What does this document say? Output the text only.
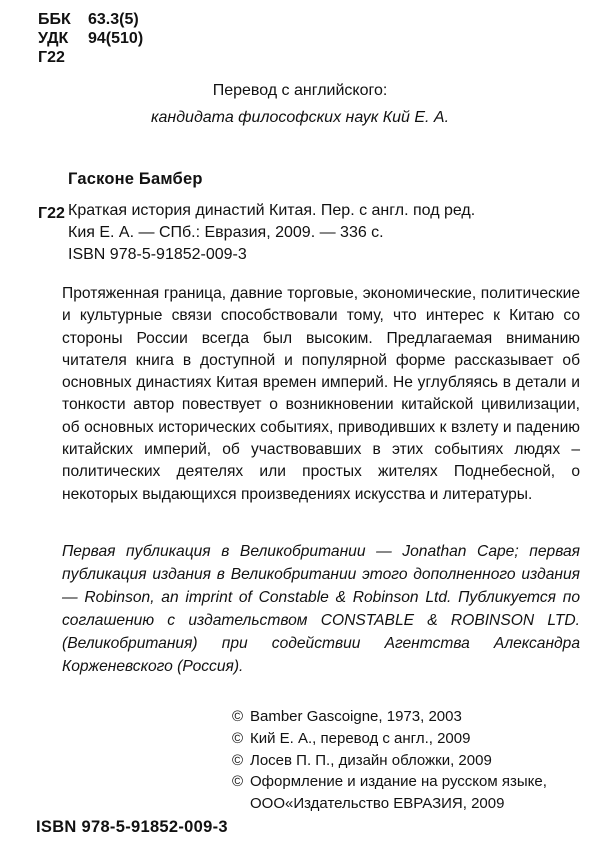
ББК	63.3(5)
УДК	94(510)
Г22
Перевод с английского:
кандидата философских наук Кий Е. А.
Гасконе Бамбер
Г22 Краткая история династий Китая. Пер. с англ. под ред.
Кия Е. А. — СПб.: Евразия, 2009. — 336 с.
ISBN 978-5-91852-009-3

Протяженная граница, давние торговые, экономические, политические и культурные связи способствовали тому, что интерес к Китаю со стороны России всегда был высоким. Предлагаемая вниманию читателя книга в доступной и популярной форме рассказывает об основных династиях Китая времен империй. Не углубляясь в детали и тонкости автор повествует о возникновении китайской цивилизации, об основных исторических событиях, приводивших к взлету и падению китайских империй, об участвовавших в этих событиях людях – политических деятелях или простых жителях Поднебесной, о некоторых выдающихся произведениях искусства и литературы.

Первая публикация в Великобритании — Jonathan Cape; первая публикация издания в Великобритании этого дополненного издания — Robinson, an imprint of Constable & Robinson Ltd. Публикуется по соглашению с издательством CONSTABLE & ROBINSON LTD. (Великобритания) при содействии Агентства Александра Корженевского (Россия).

© Bamber Gascoigne, 1973, 2003
© Кий Е. А., перевод с англ., 2009
© Лосев П. П., дизайн обложки, 2009
© Оформление и издание на русском языке,
ООО«Издательство ЕВРАЗИЯ, 2009
ISBN 978-5-91852-009-3
